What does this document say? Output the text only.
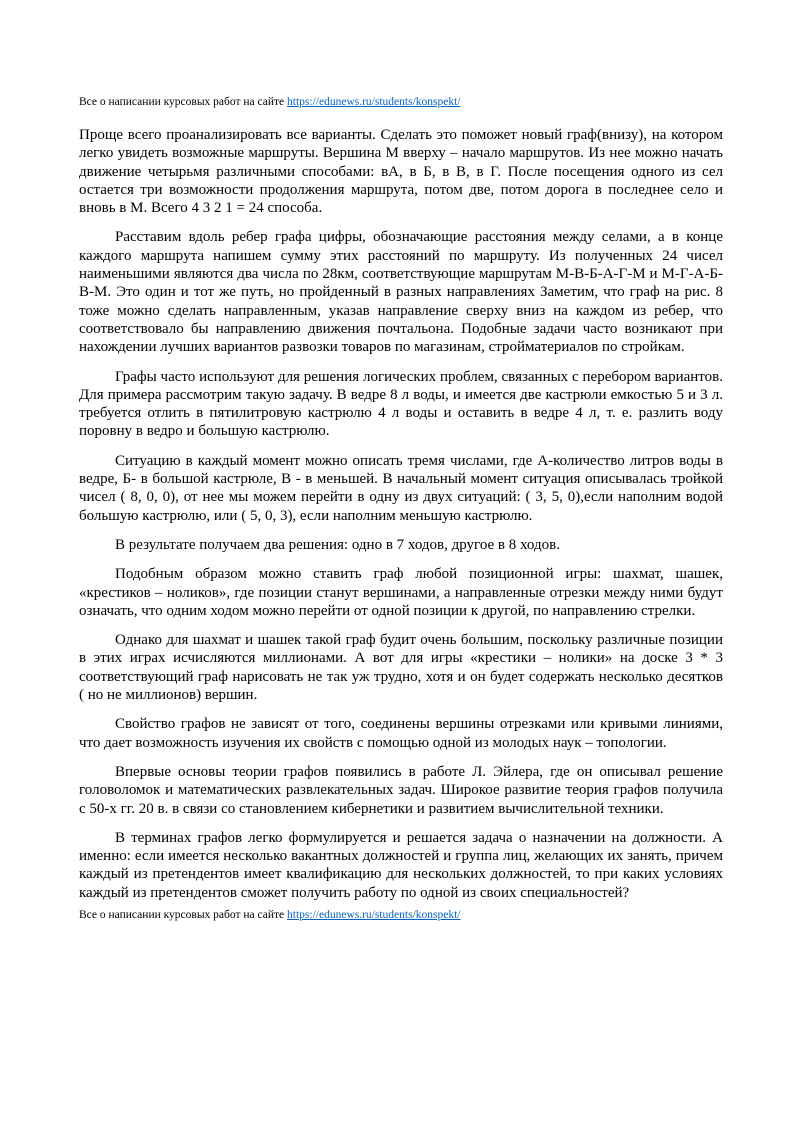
Все о написании курсовых работ на сайте https://edunews.ru/students/konspekt/

Проще всего проанализировать все варианты. Сделать это поможет новый граф(внизу), на котором легко увидеть возможные маршруты. Вершина М вверху – начало маршрутов. Из нее можно начать движение четырьмя различными способами: вА, в Б, в В, в Г. После посещения одного из сел остается три возможности продолжения маршрута, потом две, потом дорога в последнее село и вновь в М. Всего 4 3 2 1 = 24 способа.

Расставим вдоль ребер графа цифры, обозначающие расстояния между селами, а в конце каждого маршрута напишем сумму этих расстояний по маршруту. Из полученных 24 чисел наименьшими являются два числа по 28км, соответствующие маршрутам М-В-Б-А-Г-М и М-Г-А-Б-В-М. Это один и тот же путь, но пройденный в разных направлениях Заметим, что граф на рис. 8 тоже можно сделать направленным, указав направление сверху вниз на каждом из ребер, что соответствовало бы направлению движения почтальона. Подобные задачи часто возникают при нахождении лучших вариантов развозки товаров по магазинам, стройматериалов по стройкам.

Графы часто используют для решения логических проблем, связанных с перебором вариантов. Для примера рассмотрим такую задачу. В ведре 8 л воды, и имеется две кастрюли емкостью 5 и 3 л. требуется отлить в пятилитровую кастрюлю 4 л воды и оставить в ведре 4 л, т. е. разлить воду поровну в ведро и большую кастрюлю.

Ситуацию в каждый момент можно описать тремя числами, где А-количество литров воды в ведре, Б- в большой кастрюле, В - в меньшей. В начальный момент ситуация описывалась тройкой чисел ( 8, 0, 0), от нее мы можем перейти в одну из двух ситуаций: ( 3, 5, 0),если наполним водой большую кастрюлю, или ( 5, 0, 3), если наполним меньшую кастрюлю.

В результате получаем два решения: одно в 7 ходов, другое в 8 ходов.

Подобным образом можно ставить граф любой позиционной игры: шахмат, шашек, «крестиков – ноликов», где позиции станут вершинами, а направленные отрезки между ними будут означать, что одним ходом можно перейти от одной позиции к другой, по направлению стрелки.

Однако для шахмат и шашек такой граф будит очень большим, поскольку различные позиции в этих играх исчисляются миллионами. А вот для игры «крестики – нолики» на доске 3 * 3 соответствующий граф нарисовать не так уж трудно, хотя и он будет содержать несколько десятков ( но не миллионов) вершин.

Свойство графов не зависят от того, соединены вершины отрезками или кривыми линиями, что дает возможность изучения их свойств с помощью одной из молодых наук – топологии.

Впервые основы теории графов появились в работе Л. Эйлера, где он описывал решение головоломок и математических развлекательных задач. Широкое развитие теория графов получила с 50-х гг. 20 в. в связи со становлением кибернетики и развитием вычислительной техники.

В терминах графов легко формулируется и решается задача о назначении на должности. А именно: если имеется несколько вакантных должностей и группа лиц, желающих их занять, причем каждый из претендентов имеет квалификацию для нескольких должностей, то при каких условиях каждый из претендентов сможет получить работу по одной из своих специальностей?

Все о написании курсовых работ на сайте https://edunews.ru/students/konspekt/
